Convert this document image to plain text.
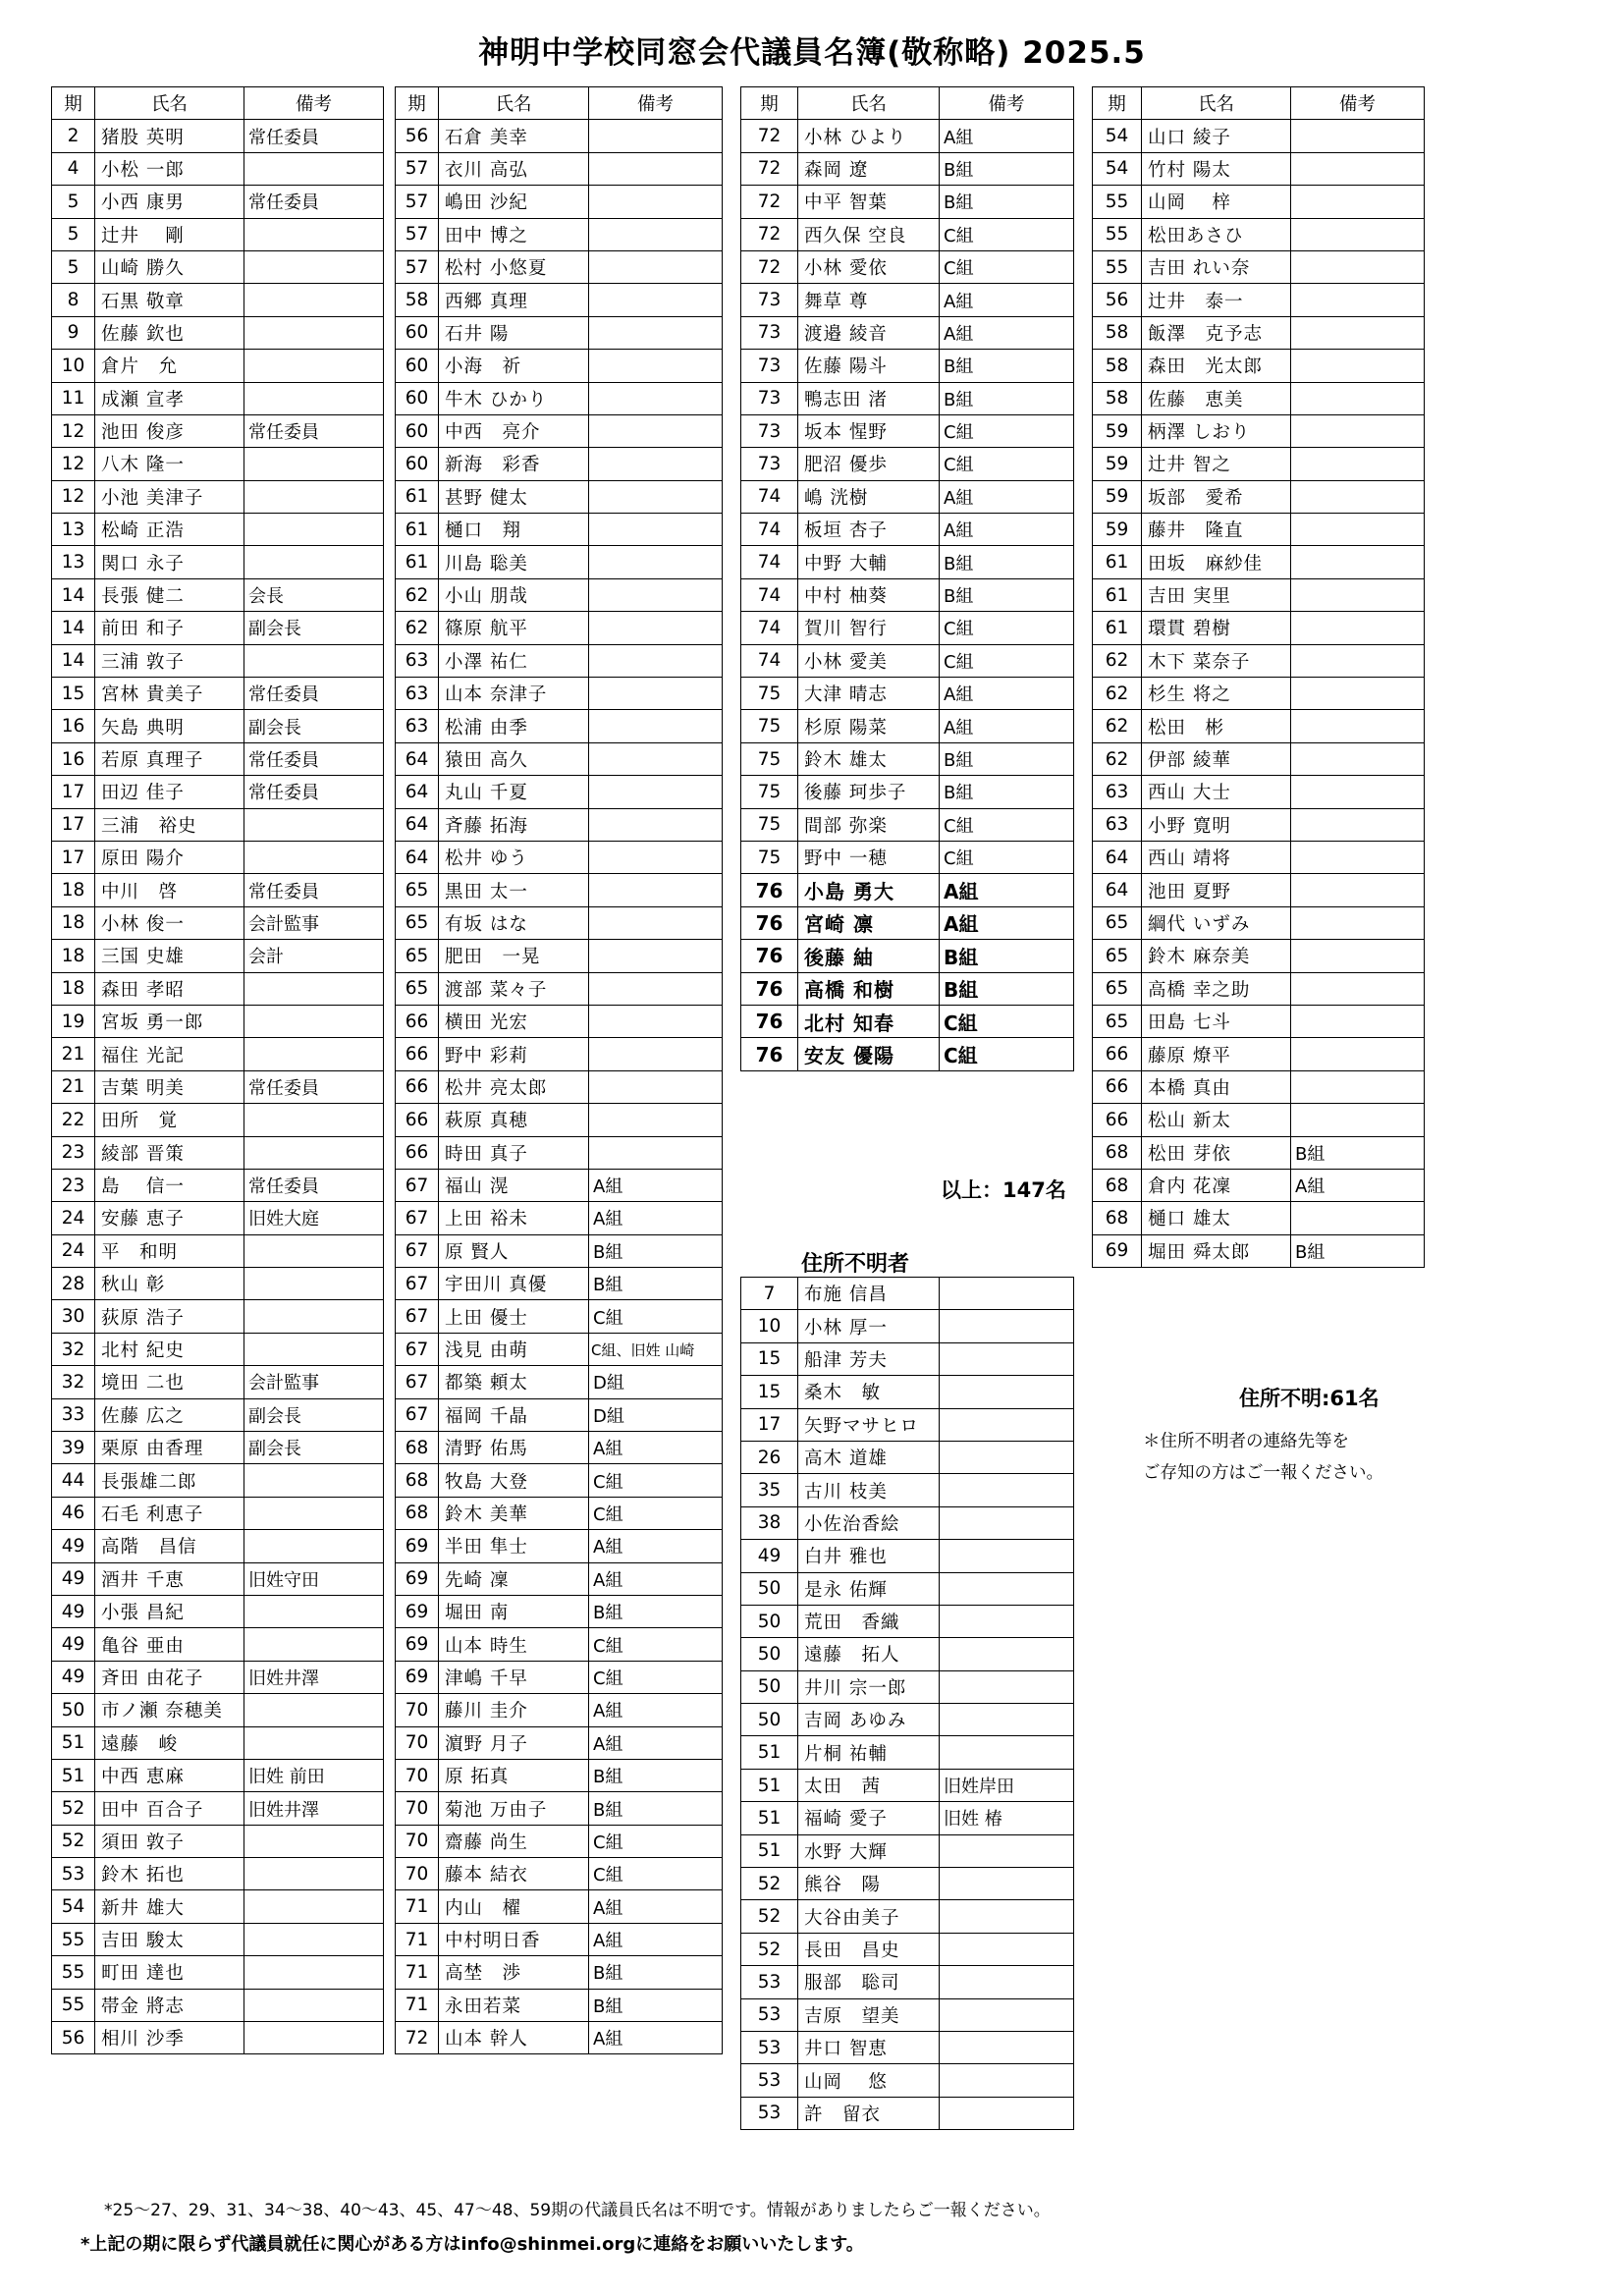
神明中学校同窓会代議員名簿(敬称略) 2025.5
期	氏名	備考
2	猪股 英明	常任委員
4	小松 一郎	
5	小西 康男	常任委員
5	辻井　 剛	
5	山崎 勝久	
8	石黒 敬章	
9	佐藤 欽也	
10	倉片　允	
11	成瀬 宣孝	
12	池田 俊彦	常任委員
12	八木 隆一	
12	小池 美津子	
13	松崎 正浩	
13	関口 永子	
14	長張 健二	会長
14	前田 和子	副会長
14	三浦 敦子	
15	宮林 貴美子	常任委員
16	矢島 典明	副会長
16	若原 真理子	常任委員
17	田辺 佳子	常任委員
17	三浦　裕史	
17	原田 陽介	
18	中川　啓	常任委員
18	小林 俊一	会計監事
18	三国 史雄	会計
18	森田 孝昭	
19	宮坂 勇一郎	
21	福住 光記	
21	吉葉 明美	常任委員
22	田所　覚	
23	綾部 晋策	
23	島　 信一	常任委員
24	安藤 恵子	旧姓大庭
24	平　和明	
28	秋山 彰	
30	荻原 浩子	
32	北村 紀史	
32	境田 二也	会計監事
33	佐藤 広之	副会長
39	栗原 由香理	副会長
44	長張雄二郎	
46	石毛 利恵子	
49	高階　昌信	
49	酒井 千恵	旧姓守田
49	小張 昌紀	
49	亀谷 亜由	
49	斉田 由花子	旧姓井澤
50	市ノ瀬 奈穂美	
51	遠藤　峻	
51	中西 恵麻	旧姓 前田
52	田中 百合子	旧姓井澤
52	須田 敦子	
53	鈴木 拓也	
54	新井 雄大	
55	吉田 駿太	
55	町田 達也	
55	帯金 將志	
56	相川 沙季	
期	氏名	備考
56	石倉 美幸	
57	衣川 高弘	
57	嶋田 沙紀	
57	田中 博之	
57	松村 小悠夏	
58	西郷 真理	
60	石井 陽	
60	小海　祈	
60	牛木 ひかり	
60	中西　亮介	
60	新海　彩香	
61	甚野 健太	
61	樋口　翔	
61	川島 聡美	
62	小山 朋哉	
62	篠原 航平	
63	小澤 祐仁	
63	山本 奈津子	
63	松浦 由季	
64	猿田 高久	
64	丸山 千夏	
64	斉藤 拓海	
64	松井 ゆう	
65	黒田 太一	
65	有坂 はな	
65	肥田　一晃	
65	渡部 菜々子	
66	横田 光宏	
66	野中 彩莉	
66	松井 亮太郎	
66	萩原 真穂	
66	時田 真子	
67	福山 滉	A組
67	上田 裕未	A組
67	原 賢人	B組
67	宇田川 真優	B組
67	上田 優士	C組
67	浅見 由萌	C組、旧姓 山崎
67	都築 頼太	D組
67	福岡 千晶	D組
68	清野 佑馬	A組
68	牧島 大登	C組
68	鈴木 美華	C組
69	半田 隼士	A組
69	先崎 凜	A組
69	堀田 南	B組
69	山本 時生	C組
69	津嶋 千早	C組
70	藤川 圭介	A組
70	濵野 月子	A組
70	原 拓真	B組
70	菊池 万由子	B組
70	齋藤 尚生	C組
70	藤本 結衣	C組
71	内山　櫂	A組
71	中村明日香	A組
71	高埜　渉	B組
71	永田若菜	B組
72	山本 幹人	A組
期	氏名	備考
72	小林 ひより	A組
72	森岡 遼	B組
72	中平 智葉	B組
72	西久保 空良	C組
72	小林 愛依	C組
73	舞草 尊	A組
73	渡邉 綾音	A組
73	佐藤 陽斗	B組
73	鴨志田 渚	B組
73	坂本 惺野	C組
73	肥沼 優歩	C組
74	嶋 洸樹	A組
74	板垣 杏子	A組
74	中野 大輔	B組
74	中村 柚葵	B組
74	賀川 智行	C組
74	小林 愛美	C組
75	大津 晴志	A組
75	杉原 陽菜	A組
75	鈴木 雄太	B組
75	後藤 珂歩子	B組
75	間部 弥楽	C組
75	野中 一穂	C組
76	小島 勇大	A組
76	宮崎 凛	A組
76	後藤 紬	B組
76	高橋 和樹	B組
76	北村 知春	C組
76	安友 優陽	C組
以上：147名
住所不明者
7	布施 信昌	
10	小林 厚一	
15	船津 芳夫	
15	桑木　敏	
17	矢野マサヒロ	
26	高木 道雄	
35	古川 枝美	
38	小佐治香絵	
49	白井 雅也	
50	是永 佑輝	
50	荒田　香織	
50	遠藤　拓人	
50	井川 宗一郎	
50	吉岡 あゆみ	
51	片桐 祐輔	
51	太田　茜	旧姓岸田
51	福崎 愛子	旧姓 椿
51	水野 大輝	
52	熊谷　陽	
52	大谷由美子	
52	長田　昌史	
53	服部　聡司	
53	吉原　望美	
53	井口 智恵	
53	山岡　 悠	
53	許　留衣	
期	氏名	備考
54	山口 綾子	
54	竹村 陽太	
55	山岡　 梓	
55	松田あさひ	
55	吉田 れい奈	
56	辻井　泰一	
58	飯澤　克予志	
58	森田　光太郎	
58	佐藤　恵美	
59	柄澤 しおり	
59	辻井 智之	
59	坂部　愛希	
59	藤井　隆直	
61	田坂　麻紗佳	
61	吉田 実里	
61	環貫 碧樹	
62	木下 菜奈子	
62	杉生 将之	
62	松田　彬	
62	伊部 綾華	
63	西山 大士	
63	小野 寛明	
64	西山 靖将	
64	池田 夏野	
65	綱代 いずみ	
65	鈴木 麻奈美	
65	高橋 幸之助	
65	田島 七斗	
66	藤原 燎平	
66	本橋 真由	
66	松山 新太	
68	松田 芽依	B組
68	倉内 花凜	A組
68	樋口 雄太	
69	堀田 舜太郎	B組
住所不明:61名
＊住所不明者の連絡先等を
ご存知の方はご一報ください。
*25〜27、29、31、34〜38、40〜43、45、47〜48、59期の代議員氏名は不明です。情報がありましたらご一報ください。
*上記の期に限らず代議員就任に関心がある方はinfo@shinmei.orgに連絡をお願いいたします。
